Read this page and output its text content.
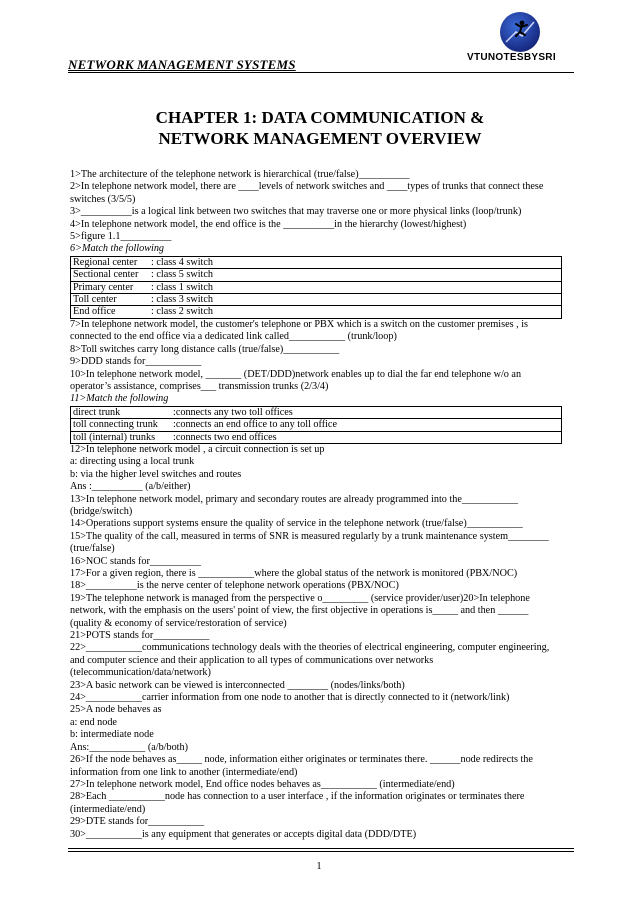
VTUNOTESBYSRI
NETWORK MANAGEMENT SYSTEMS
CHAPTER 1: DATA COMMUNICATION &
NETWORK MANAGEMENT OVERVIEW

1>The architecture of the telephone network is hierarchical (true/false)__________

2>In telephone network model, there are ____levels of network switches and ____types of trunks that connect these switches (3/5/5)

3>__________is a logical link between two switches that may traverse one or more physical links (loop/trunk)

4>In telephone network model, the end office is the __________in the hierarchy (lowest/highest)

5>figure 1.1__________

6>Match the following

Regional center	: class 4 switch
Sectional center	: class 5 switch
Primary center	: class 1 switch
Toll center	: class 3 switch
End office	: class 2 switch

7>In telephone network model, the customer's telephone or PBX which is a switch on the customer premises , is connected to the end office via a dedicated link called___________ (trunk/loop)

8>Toll switches carry long distance calls (true/false)___________

9>DDD stands for___________

10>In telephone network model, _______ (DET/DDD)network enables up to dial the far end telephone w/o an operator’s assistance, comprises___ transmission trunks (2/3/4)

11>Match the following

direct trunk	:connects any two toll offices
toll connecting trunk	:connects an end office to any toll office
toll (internal) trunks	:connects two end offices

12>In telephone network model , a circuit connection is set up

a: directing using a local trunk

b: via the higher level switches and routes

Ans :__________ (a/b/either)

13>In telephone network model, primary and secondary routes are already programmed into the___________ (bridge/switch)

14>Operations support systems ensure the quality of service in the telephone network (true/false)___________

15>The quality of the call, measured in terms of SNR is measured regularly by a trunk maintenance system________ (true/false)

16>NOC stands for__________

17>For a given region, there is ___________where the global status of the network is monitored (PBX/NOC)

18>__________is the nerve center of telephone network operations (PBX/NOC)

19>The telephone network is managed from the perspective o_________ (service provider/user)20>In telephone network, with the emphasis on the users' point of view, the first objective in operations is_____ and then ______ (quality & economy of service/restoration of service)

21>POTS stands for___________

22>___________communications technology deals with the theories of electrical engineering, computer engineering, and computer science and their application to all types of communications over networks (telecommunication/data/network)

23>A basic network can be viewed is interconnected ________ (nodes/links/both)

24>___________carrier information from one node to another that is directly connected to it (network/link)

25>A node behaves as

a: end node

b: intermediate node

Ans:___________ (a/b/both)

26>If the node behaves as_____ node, information either originates or terminates there. ______node redirects the information from one link to another (intermediate/end)

27>In telephone network model, End office nodes behaves as___________ (intermediate/end)

28>Each ___________node has connection to a user interface , if the information originates or terminates there (intermediate/end)

29>DTE stands for___________

30>___________is any equipment that generates or accepts digital data (DDD/DTE)

1
